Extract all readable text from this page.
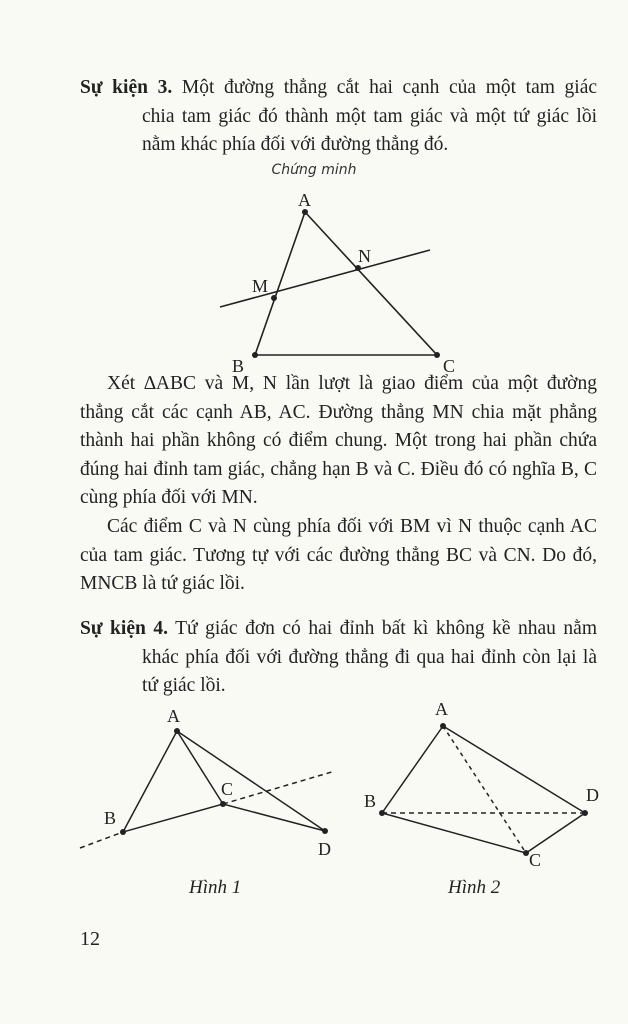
Sự kiện 3. Một đường thẳng cắt hai cạnh của một tam giác
chia tam giác đó thành một tam giác và một tứ giác lồi nằm khác phía đối với đường thẳng đó.
Chứng minh
A
M
N
B	C
A
B
C
D
Hình 1
A
B
C
D
Hình 2

Xét ∆ABC và M, N lần lượt là giao điểm của một đường thẳng cắt các cạnh AB, AC. Đường thẳng MN chia mặt phẳng thành hai phần không có điểm chung. Một trong hai phần chứa đúng hai đỉnh tam giác, chẳng hạn B và C. Điều đó có nghĩa B, C cùng phía đối với MN.

Các điểm C và N cùng phía đối với BM vì N thuộc cạnh AC của tam giác. Tương tự với các đường thẳng BC và CN. Do đó, MNCB là tứ giác lồi.

Sự kiện 4. Tứ giác đơn có hai đỉnh bất kì không kề nhau nằm
khác phía đối với đường thẳng đi qua hai đỉnh còn lại là tứ giác lồi.
12
